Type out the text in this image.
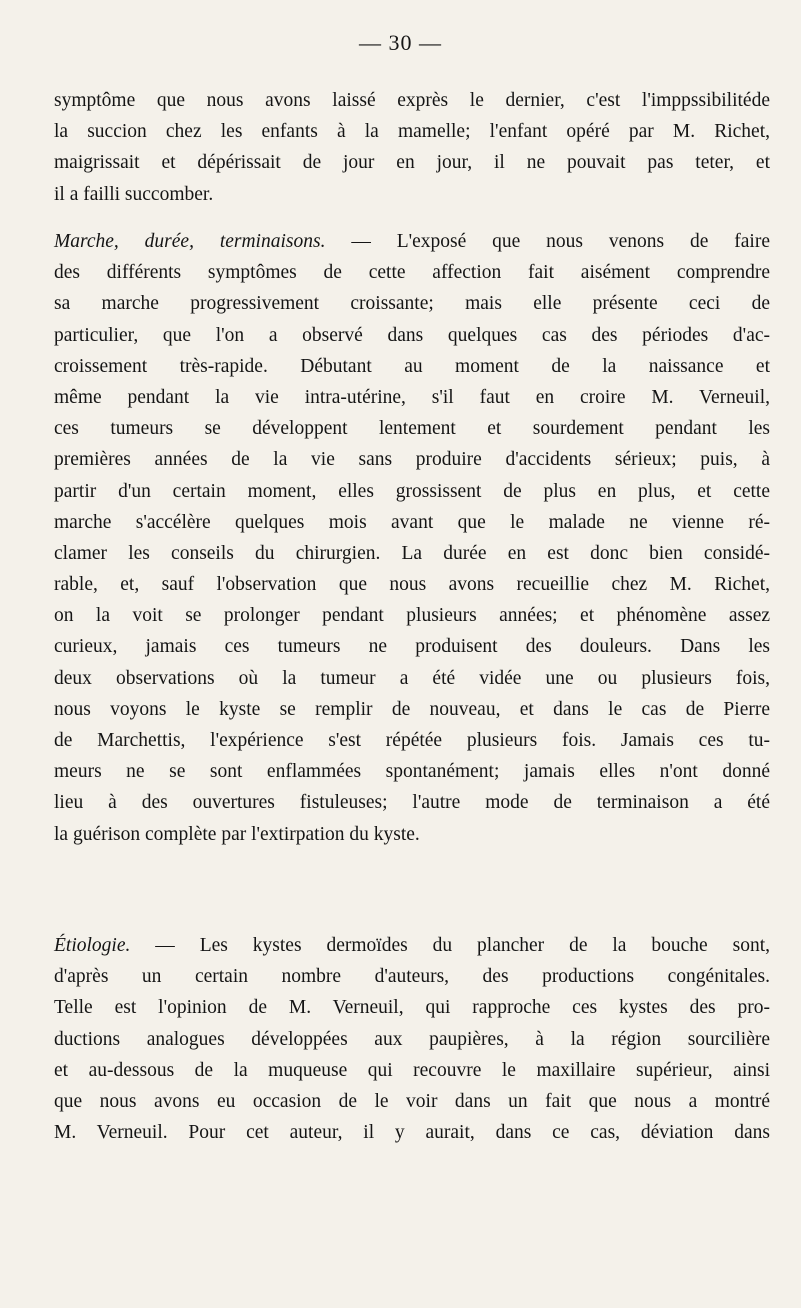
— 30 —
symptôme que nous avons laissé exprès le dernier, c'est l'imppssibilitéde
la succion chez les enfants à la mamelle; l'enfant opéré par M. Richet,
maigrissait et dépérissait de jour en jour, il ne pouvait pas teter, et
il a failli succomber.
Marche, durée, terminaisons. — L'exposé que nous venons de faire
des différents symptômes de cette affection fait aisément comprendre
sa marche progressivement croissante; mais elle présente ceci de
particulier, que l'on a observé dans quelques cas des périodes d'ac-
croissement très-rapide. Débutant au moment de la naissance et
même pendant la vie intra-utérine, s'il faut en croire M. Verneuil,
ces tumeurs se développent lentement et sourdement pendant les
premières années de la vie sans produire d'accidents sérieux; puis, à
partir d'un certain moment, elles grossissent de plus en plus, et cette
marche s'accélère quelques mois avant que le malade ne vienne ré-
clamer les conseils du chirurgien. La durée en est donc bien considé-
rable, et, sauf l'observation que nous avons recueillie chez M. Richet,
on la voit se prolonger pendant plusieurs années; et phénomène assez
curieux, jamais ces tumeurs ne produisent des douleurs. Dans les
deux observations où la tumeur a été vidée une ou plusieurs fois,
nous voyons le kyste se remplir de nouveau, et dans le cas de Pierre
de Marchettis, l'expérience s'est répétée plusieurs fois. Jamais ces tu-
meurs ne se sont enflammées spontanément; jamais elles n'ont donné
lieu à des ouvertures fistuleuses; l'autre mode de terminaison a été
la guérison complète par l'extirpation du kyste.
Étiologie. — Les kystes dermoïdes du plancher de la bouche sont,
d'après un certain nombre d'auteurs, des productions congénitales.
Telle est l'opinion de M. Verneuil, qui rapproche ces kystes des pro-
ductions analogues développées aux paupières, à la région sourcilière
et au-dessous de la muqueuse qui recouvre le maxillaire supérieur, ainsi
que nous avons eu occasion de le voir dans un fait que nous a montré
M. Verneuil. Pour cet auteur, il y aurait, dans ce cas, déviation dans
